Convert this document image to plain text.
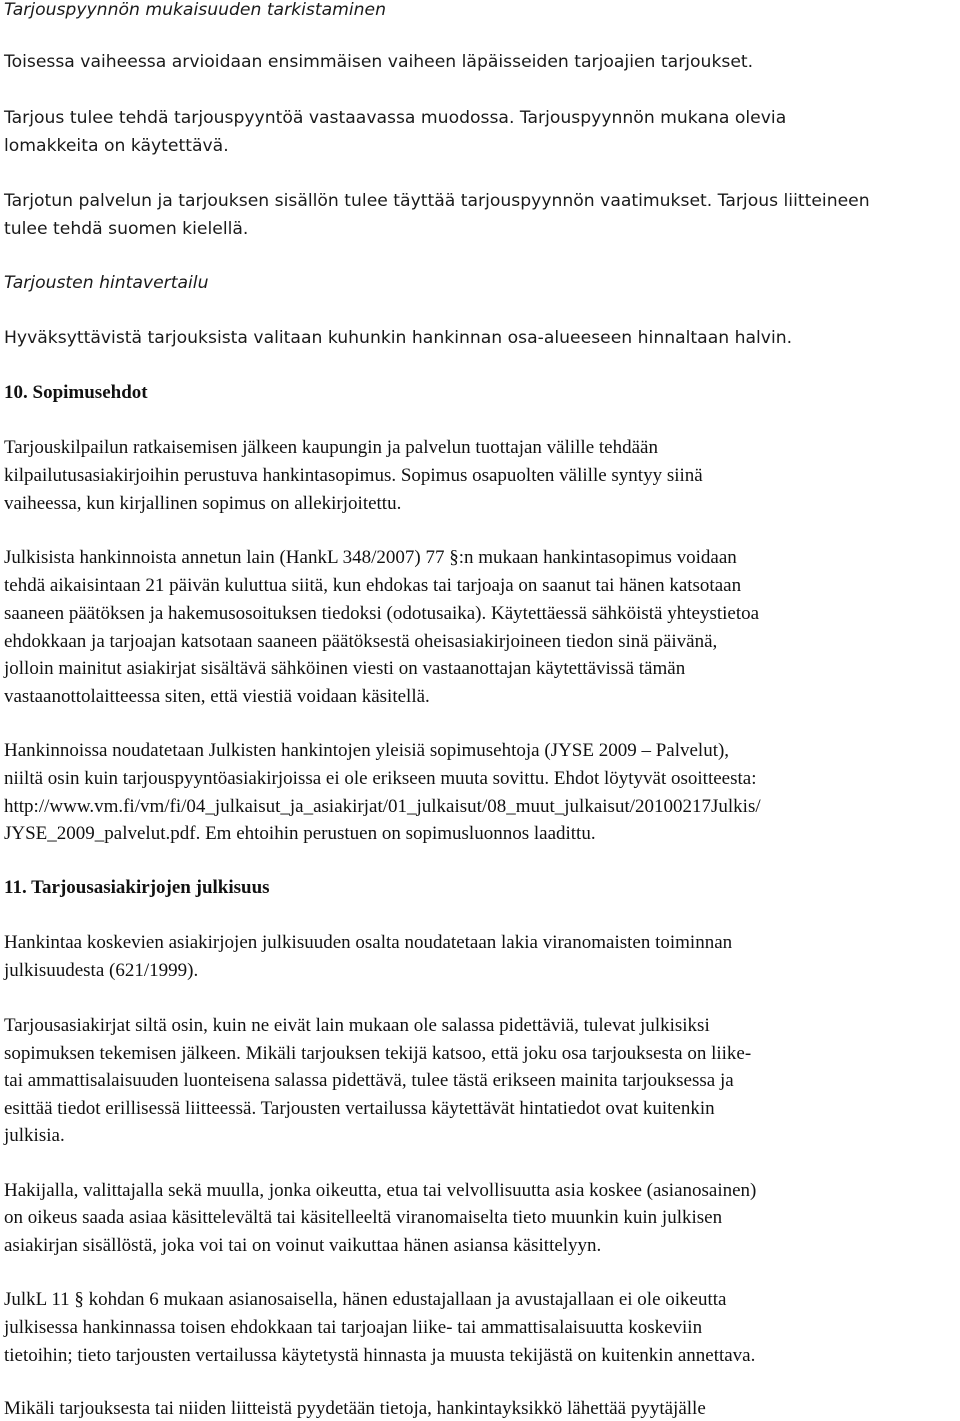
Tarjouspyynnön mukaisuuden tarkistaminen
Toisessa vaiheessa arvioidaan ensimmäisen vaiheen läpäisseiden tarjoajien tarjoukset.
Tarjous tulee tehdä tarjouspyyntöä vastaavassa muodossa. Tarjouspyynnön mukana olevia
lomakkeita on käytettävä.
Tarjotun palvelun ja tarjouksen sisällön tulee täyttää tarjouspyynnön vaatimukset. Tarjous liitteineen
tulee tehdä suomen kielellä.
Tarjousten hintavertailu
Hyväksyttävistä tarjouksista valitaan kuhunkin hankinnan osa-alueeseen hinnaltaan halvin.
10. Sopimusehdot
Tarjouskilpailun ratkaisemisen jälkeen kaupungin ja palvelun tuottajan välille tehdään
kilpailutusasiakirjoihin perustuva hankintasopimus. Sopimus osapuolten välille syntyy siinä
vaiheessa, kun kirjallinen sopimus on allekirjoitettu.
Julkisista hankinnoista annetun lain (HankL 348/2007) 77 §:n mukaan hankintasopimus voidaan
tehdä aikaisintaan 21 päivän kuluttua siitä, kun ehdokas tai tarjoaja on saanut tai hänen katsotaan
saaneen päätöksen ja hakemusosoituksen tiedoksi (odotusaika). Käytettäessä sähköistä yhteystietoa
ehdokkaan ja tarjoajan katsotaan saaneen päätöksestä oheisasiakirjoineen tiedon sinä päivänä,
jolloin mainitut asiakirjat sisältävä sähköinen viesti on vastaanottajan käytettävissä tämän
vastaanottolaitteessa siten, että viestiä voidaan käsitellä.
Hankinnoissa noudatetaan Julkisten hankintojen yleisiä sopimusehtoja (JYSE 2009 – Palvelut),
niiltä osin kuin tarjouspyyntöasiakirjoissa ei ole erikseen muuta sovittu. Ehdot löytyvät osoitteesta:
http://www.vm.fi/vm/fi/04_julkaisut_ja_asiakirjat/01_julkaisut/08_muut_julkaisut/20100217Julkis/
JYSE_2009_palvelut.pdf. Em ehtoihin perustuen on sopimusluonnos laadittu.
11. Tarjousasiakirjojen julkisuus
Hankintaa koskevien asiakirjojen julkisuuden osalta noudatetaan lakia viranomaisten toiminnan
julkisuudesta (621/1999).
Tarjousasiakirjat siltä osin, kuin ne eivät lain mukaan ole salassa pidettäviä, tulevat julkisiksi
sopimuksen tekemisen jälkeen. Mikäli tarjouksen tekijä katsoo, että joku osa tarjouksesta on liike-
tai ammattisalaisuuden luonteisena salassa pidettävä, tulee tästä erikseen mainita tarjouksessa ja
esittää tiedot erillisessä liitteessä. Tarjousten vertailussa käytettävät hintatiedot ovat kuitenkin
julkisia.
Hakijalla, valittajalla sekä muulla, jonka oikeutta, etua tai velvollisuutta asia koskee (asianosainen)
on oikeus saada asiaa käsittelevältä tai käsitelleeltä viranomaiselta tieto muunkin kuin julkisen
asiakirjan sisällöstä, joka voi tai on voinut vaikuttaa hänen asiansa käsittelyyn.
JulkL 11 § kohdan 6 mukaan asianosaisella, hänen edustajallaan ja avustajallaan ei ole oikeutta
julkisessa hankinnassa toisen ehdokkaan tai tarjoajan liike- tai ammattisalaisuutta koskeviin
tietoihin; tieto tarjousten vertailussa käytetystä hinnasta ja muusta tekijästä on kuitenkin annettava.
Mikäli tarjouksesta tai niiden liitteistä pyydetään tietoja, hankintayksikkö lähettää pyytäjälle
